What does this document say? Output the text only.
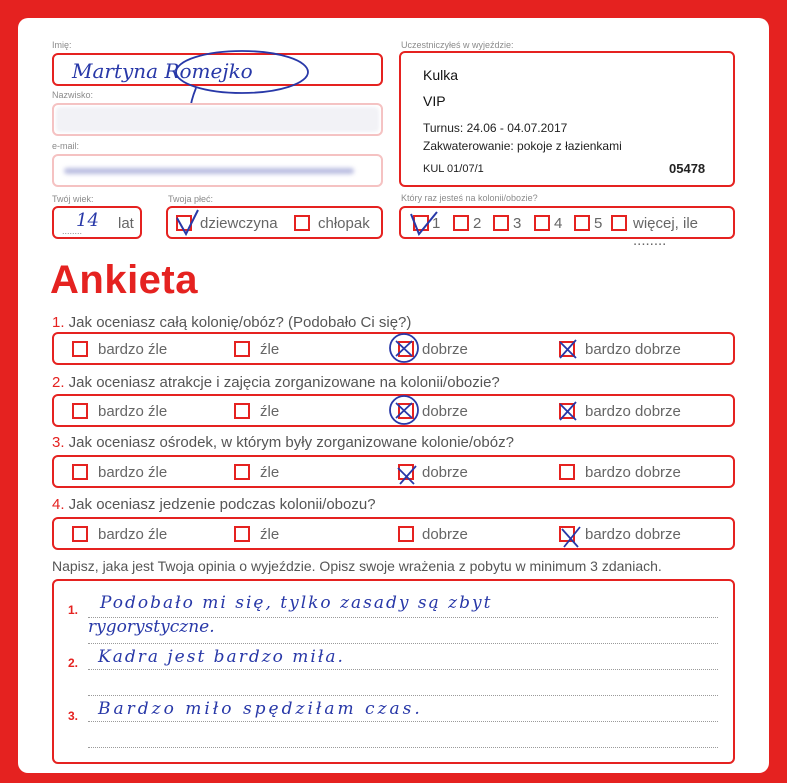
Imię:
Martyna Romejko
Nazwisko:
e-mail:
Twój wiek:
........
14 lat
Twoja płeć:
dziewczyna	chłopak
Uczestniczyłeś w wyjeździe:
Kulka
VIP
Turnus: 24.06 - 04.07.2017
Zakwaterowanie: pokoje z łazienkami
KUL 01/07/1	05478
Który raz jesteś na kolonii/obozie?
1 2 3 4 5 więcej, ile ........
Ankieta
1. Jak oceniasz całą kolonię/obóz? (Podobało Ci się?)
bardzo źle	źle	dobrze	bardzo dobrze
2. Jak oceniasz atrakcje i zajęcia zorganizowane na kolonii/obozie?
bardzo źle	źle	dobrze	bardzo dobrze
3. Jak oceniasz ośrodek, w którym były zorganizowane kolonie/obóz?
bardzo źle	źle	dobrze	bardzo dobrze
4. Jak oceniasz jedzenie podczas kolonii/obozu?
bardzo źle	źle	dobrze	bardzo dobrze
Napisz, jaka jest Twoja opinia o wyjeździe. Opisz swoje wrażenia z pobytu w minimum 3 zdaniach.
1.
2.
3.
Podobało mi się, tylko zasady są zbyt
rygorystyczne.
Kadra jest bardzo miła.
Bardzo miło spędziłam czas.
